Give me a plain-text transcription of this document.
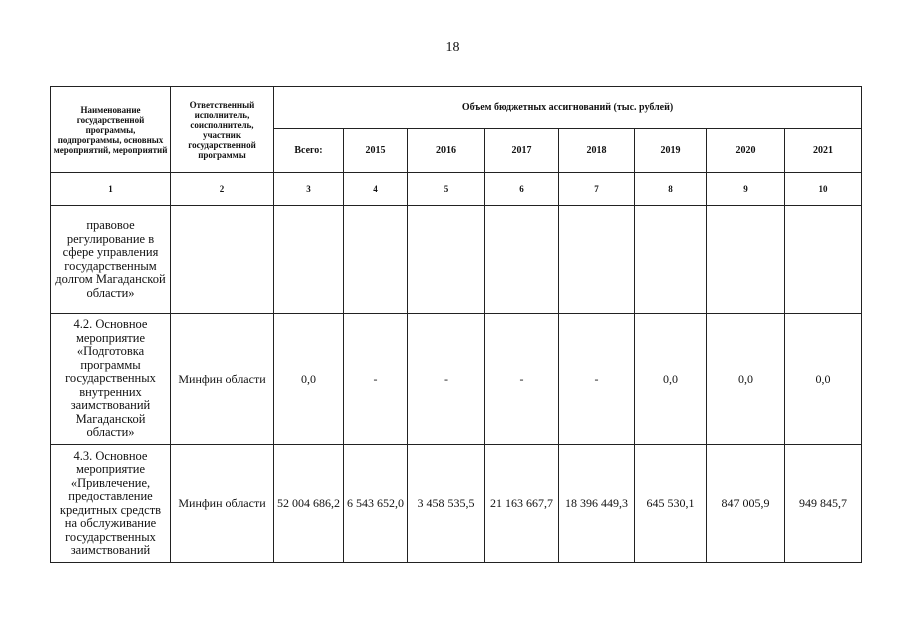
18
Наименование государственной программы, подпрограммы, основных мероприятий, мероприятий	Ответственный исполнитель, соисполнитель, участник государственной программы	Объем бюджетных ассигнований (тыс. рублей)							
		Всего:	2015	2016	2017	2018	2019	2020	2021
1	2	3	4	5	6	7	8	9	10
правовое регулирование в сфере управления государственным долгом Магаданской области»									
4.2. Основное мероприятие «Подготовка программы государственных внутренних заимствований Магаданской области»	Минфин области	0,0	-	-	-	-	0,0	0,0	0,0
4.3. Основное мероприятие «Привлечение, предоставление кредитных средств на обслуживание государственных заимствований	Минфин области	52 004 686,2	6 543 652,0	3 458 535,5	21 163 667,7	18 396 449,3	645 530,1	847 005,9	949 845,7
